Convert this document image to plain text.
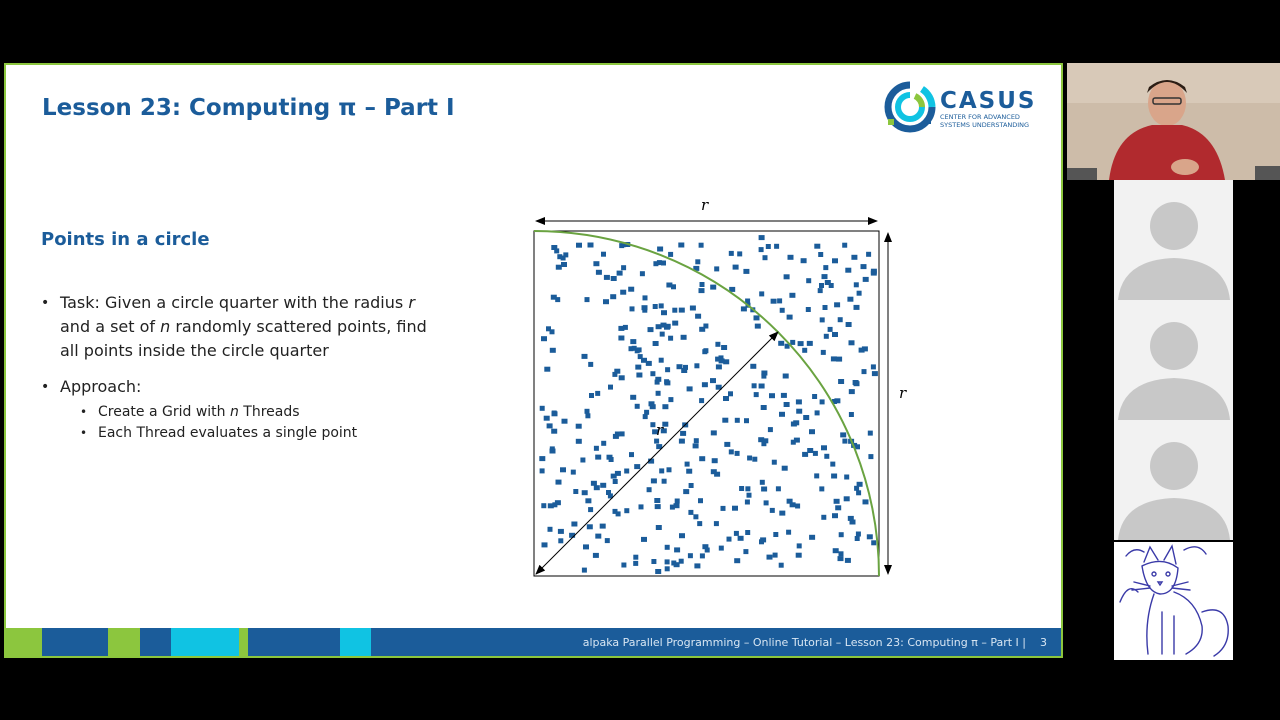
Lesson 23: Computing π – Part I	CASUS
CENTER FOR ADVANCED
SYSTEMS UNDERSTANDING
Points in a circle
• Task: Given a circle quarter with the radius r
and a set of n randomly scattered points, find
all points inside the circle quarter
• Approach:
• Create a Grid with n Threads
• Each Thread evaluates a single point
r
r
r
alpaka Parallel Programming – Online Tutorial – Lesson 23: Computing π – Part I | 3
